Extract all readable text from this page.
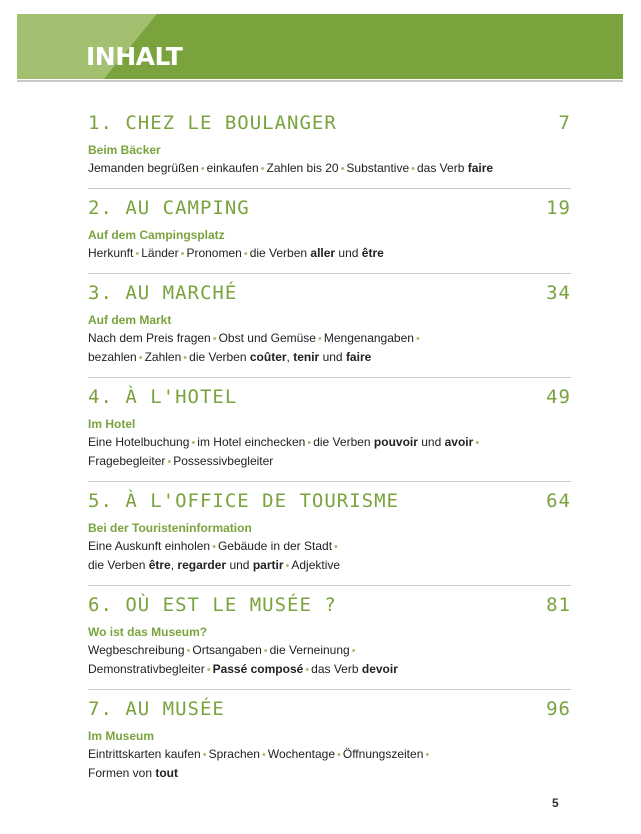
INHALT
1. CHEZ LE BOULANGER	7
Beim Bäcker
Jemanden begrüßen • einkaufen • Zahlen bis 20 • Substantive • das Verb faire
2. AU CAMPING	19
Auf dem Campingsplatz
Herkunft • Länder • Pronomen • die Verben aller und être
3. AU MARCHÉ	34
Auf dem Markt
Nach dem Preis fragen • Obst und Gemüse • Mengenangaben •
bezahlen • Zahlen • die Verben coûter, tenir und faire
4. À L'HOTEL	49
Im Hotel
Eine Hotelbuchung • im Hotel einchecken • die Verben pouvoir und avoir •
Fragebegleiter • Possessivbegleiter
5. À L'OFFICE DE TOURISME	64
Bei der Touristeninformation
Eine Auskunft einholen • Gebäude in der Stadt •
die Verben être, regarder und partir • Adjektive
6. OÙ EST LE MUSÉE ?	81
Wo ist das Museum?
Wegbeschreibung • Ortsangaben • die Verneinung •
Demonstrativbegleiter • Passé composé • das Verb devoir
7. AU MUSÉE	96
Im Museum
Eintrittskarten kaufen • Sprachen • Wochentage • Öffnungszeiten •
Formen von tout
5
